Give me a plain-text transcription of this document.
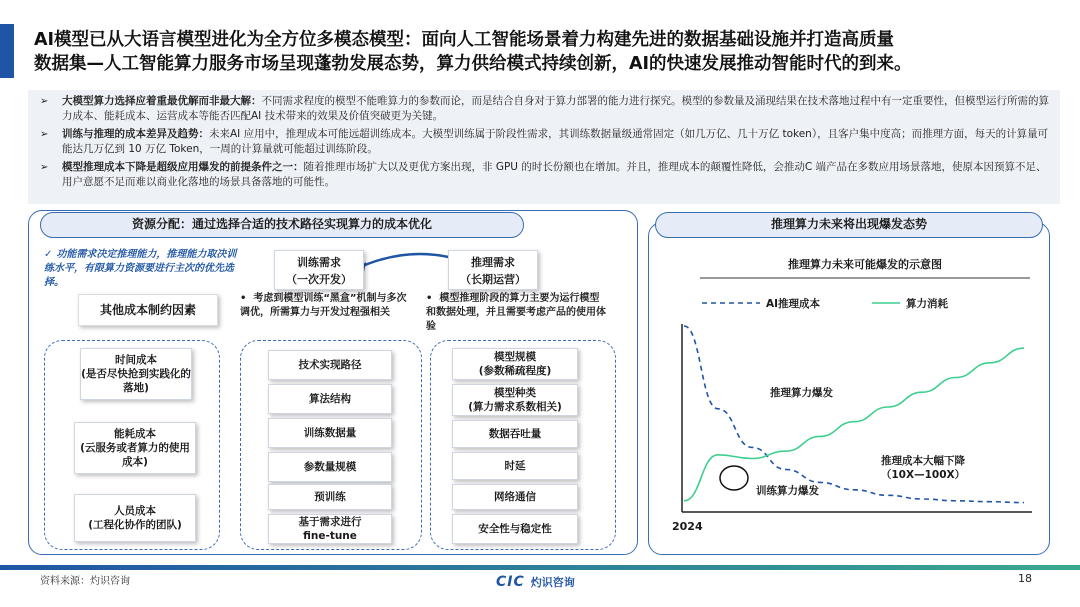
AI模型已从大语言模型进化为全方位多模态模型：面向人工智能场景着力构建先进的数据基础设施并打造高质量
数据集—人工智能算力服务市场呈现蓬勃发展态势，算力供给模式持续创新，AI的快速发展推动智能时代的到来。
➢	大模型算力选择应着重最优解而非最大解：不同需求程度的模型不能唯算力的参数而论，而是结合自身对于算力部署的能力进行探究。模型的参数量及涌现结果在技术落地过程中有一定重要性，但模型运行所需的算力成本、能耗成本、运营成本等能否匹配AI 技术带来的效果及价值突破更为关键。
➢	训练与推理的成本差异及趋势：未来AI 应用中，推理成本可能远超训练成本。大模型训练属于阶段性需求，其训练数据量级通常固定（如几万亿、几十万亿 token），且客户集中度高；而推理方面，每天的计算量可能达几万亿到 10 万亿 Token，一周的计算量就可能超过训练阶段。
➢	模型推理成本下降是超级应用爆发的前提条件之一：随着推理市场扩大以及更优方案出现，非 GPU 的时长份额也在增加。并且，推理成本的颠覆性降低，会推动C 端产品在多数应用场景落地，使原本因预算不足、用户意愿不足而难以商业化落地的场景具备落地的可能性。
资源分配：通过选择合适的技术路径实现算力的成本优化
✓ 功能需求决定推理能力，推理能力取决训练水平，有限算力资源要进行主次的优先选择。
其他成本制约因素
时间成本
(是否尽快抢到实践化的落地)
能耗成本
(云服务或者算力的使用成本)
人员成本
(工程化协作的团队)
训练需求
（一次开发）
推理需求
（长期运营）
•  考虑到模型训练“黑盒”机制与多次调优，所需算力与开发过程强相关
•  模型推理阶段的算力主要为运行模型和数据处理，并且需要考虑产品的使用体验
技术实现路径
算法结构
训练数据量
参数量规模
预训练
基于需求进行
fine-tune
模型规模
(参数稀疏程度)
模型种类
(算力需求系数相关)
数据吞吐量
时延
网络通信
安全性与稳定性
推理算力未来将出现爆发态势
推理算力未来可能爆发的示意图
AI推理成本	算力消耗
推理算力爆发
推理成本大幅下降
（10X—100X）
训练算力爆发
2024
资料来源：灼识咨询	CIC 灼识咨询	18
